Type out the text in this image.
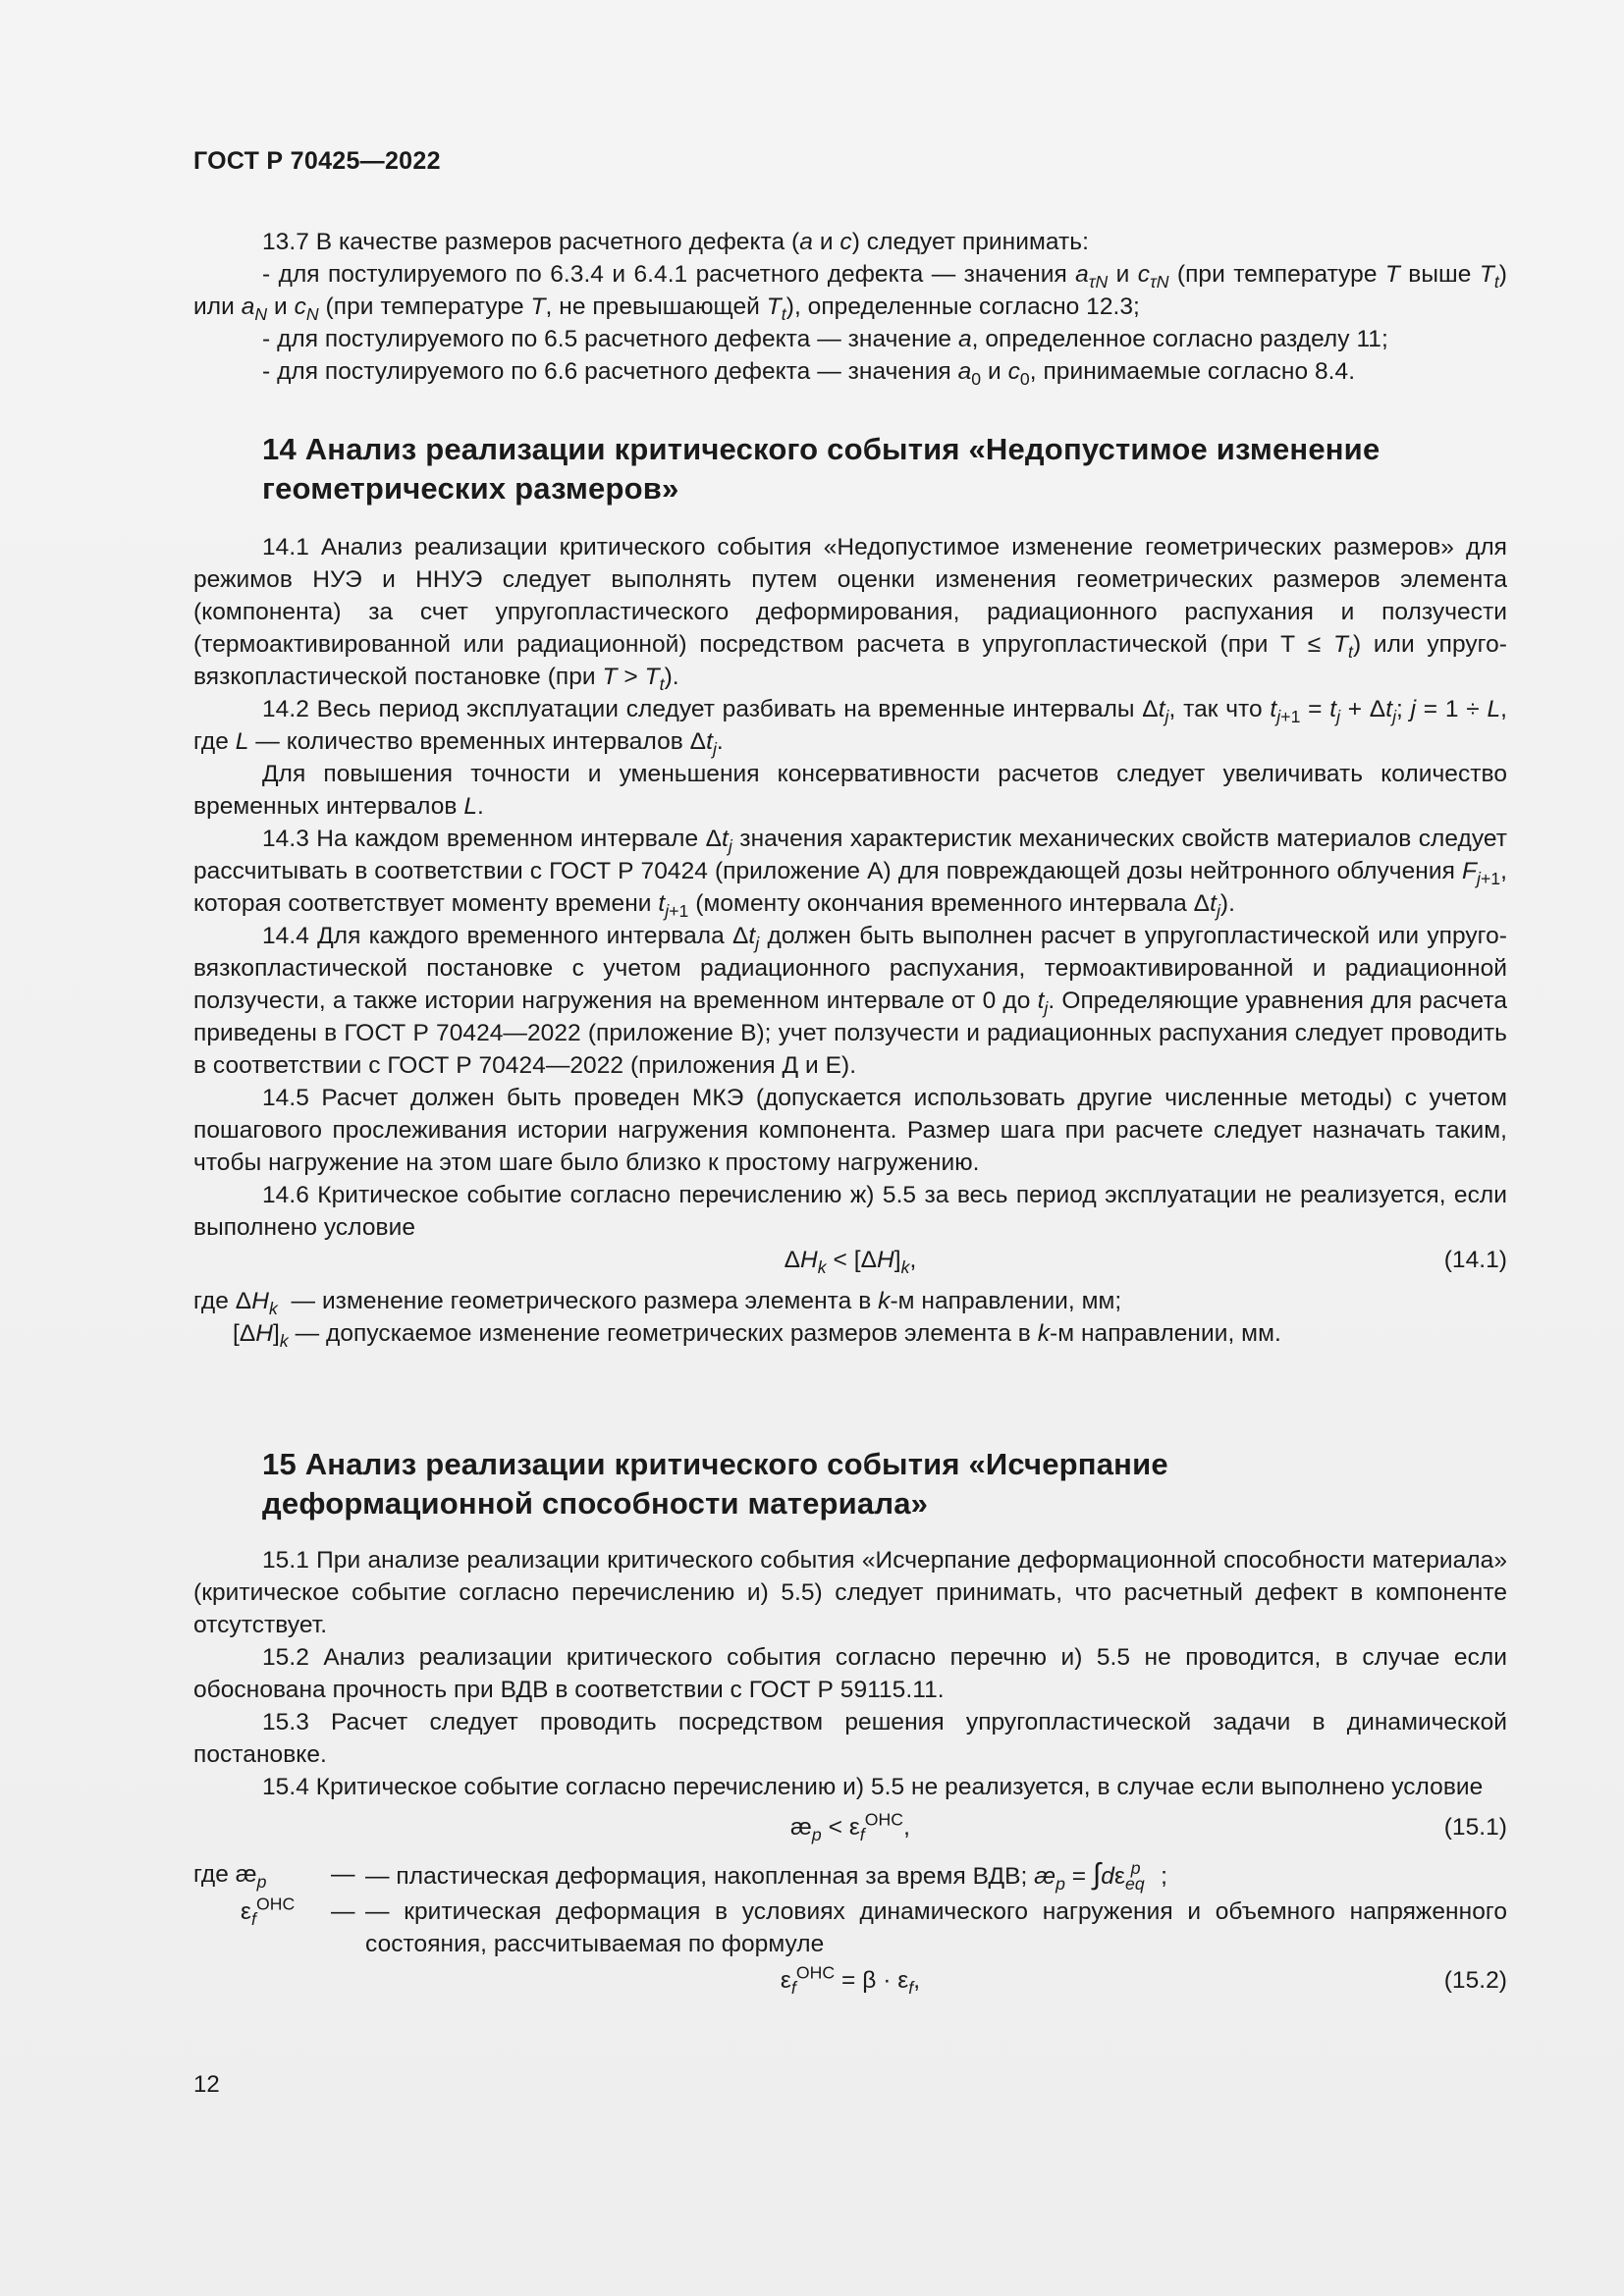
ГОСТ Р 70425—2022

13.7 В качестве размеров расчетного дефекта (a и c) следует принимать:

- для постулируемого по 6.3.4 и 6.4.1 расчетного дефекта — значения $a_{\tau N}$ и $c_{\tau N}$ (при температуре T выше $T_t$) или $a_N$ и $c_N$ (при температуре T, не превышающей $T_t$), определенные согласно 12.3;

- для постулируемого по 6.5 расчетного дефекта — значение a, определенное согласно разделу 11;

- для постулируемого по 6.6 расчетного дефекта — значения $a_0$ и $c_0$, принимаемые согласно 8.4.

14 Анализ реализации критического события «Недопустимое изменение
геометрических размеров»

14.1 Анализ реализации критического события «Недопустимое изменение геометрических размеров» для режимов НУЭ и ННУЭ следует выполнять путем оценки изменения геометрических размеров элемента (компонента) за счет упругопластического деформирования, радиационного распухания и ползучести (термоактивированной или радиационной) посредством расчета в упругопластической (при $Т \le T_t$) или упруго-вязкопластической постановке (при $T > T_t$).

14.2 Весь период эксплуатации следует разбивать на временные интервалы $\Delta t_j$, так что $t_{j+1} = t_j + \Delta t_j$; j = 1 ÷ L, где L — количество временных интервалов $\Delta t_j$.

Для повышения точности и уменьшения консервативности расчетов следует увеличивать количество временных интервалов L.

14.3 На каждом временном интервале $\Delta t_j$ значения характеристик механических свойств материалов следует рассчитывать в соответствии с ГОСТ Р 70424 (приложение А) для повреждающей дозы нейтронного облучения $F_{j+1}$, которая соответствует моменту времени $t_{j+1}$ (моменту окончания временного интервала $\Delta t_j$).

14.4 Для каждого временного интервала $\Delta t_j$ должен быть выполнен расчет в упругопластической или упруго-вязкопластической постановке с учетом радиационного распухания, термоактивированной и радиационной ползучести, а также истории нагружения на временном интервале от 0 до $t_j$. Определяющие уравнения для расчета приведены в ГОСТ Р 70424—2022 (приложение В); учет ползучести и радиационных распухания следует проводить в соответствии с ГОСТ Р 70424—2022 (приложения Д и Е).

14.5 Расчет должен быть проведен МКЭ (допускается использовать другие численные методы) с учетом пошагового прослеживания истории нагружения компонента. Размер шага при расчете следует назначать таким, чтобы нагружение на этом шаге было близко к простому нагружению.

14.6 Критическое событие согласно перечислению ж) 5.5 за весь период эксплуатации не реализуется, если выполнено условие

$\Delta H_k < [\Delta H]_k$,	(14.1)
где $\Delta H_k$ — изменение геометрического размера элемента в k-м направлении, мм;
$[\Delta H]_k$ — допускаемое изменение геометрических размеров элемента в k-м направлении, мм.
15 Анализ реализации критического события «Исчерпание
деформационной способности материала»

15.1 При анализе реализации критического события «Исчерпание деформационной способности материала» (критическое событие согласно перечислению и) 5.5) следует принимать, что расчетный дефект в компоненте отсутствует.

15.2 Анализ реализации критического события согласно перечню и) 5.5 не проводится, в случае если обоснована прочность при ВДВ в соответствии с ГОСТ Р 59115.11.

15.3 Расчет следует проводить посредством решения упругопластической задачи в динамической постановке.

15.4 Критическое событие согласно перечислению и) 5.5 не реализуется, в случае если выполнено условие

$æ_p < \varepsilon_f^{ОНС}$,	(15.1)
где $æ_p$	— — пластическая деформация, накопленная за время ВДВ; $æ_p = \int d\varepsilon_{eq}^p$   ;
$\varepsilon_f^{ОНС}$ — — критическая деформация в условиях динамического нагружения и объемного напряженного состояния, рассчитываемая по формуле
$\varepsilon_f^{ОНС} = \beta \cdot \varepsilon_f$,	(15.2)
12
